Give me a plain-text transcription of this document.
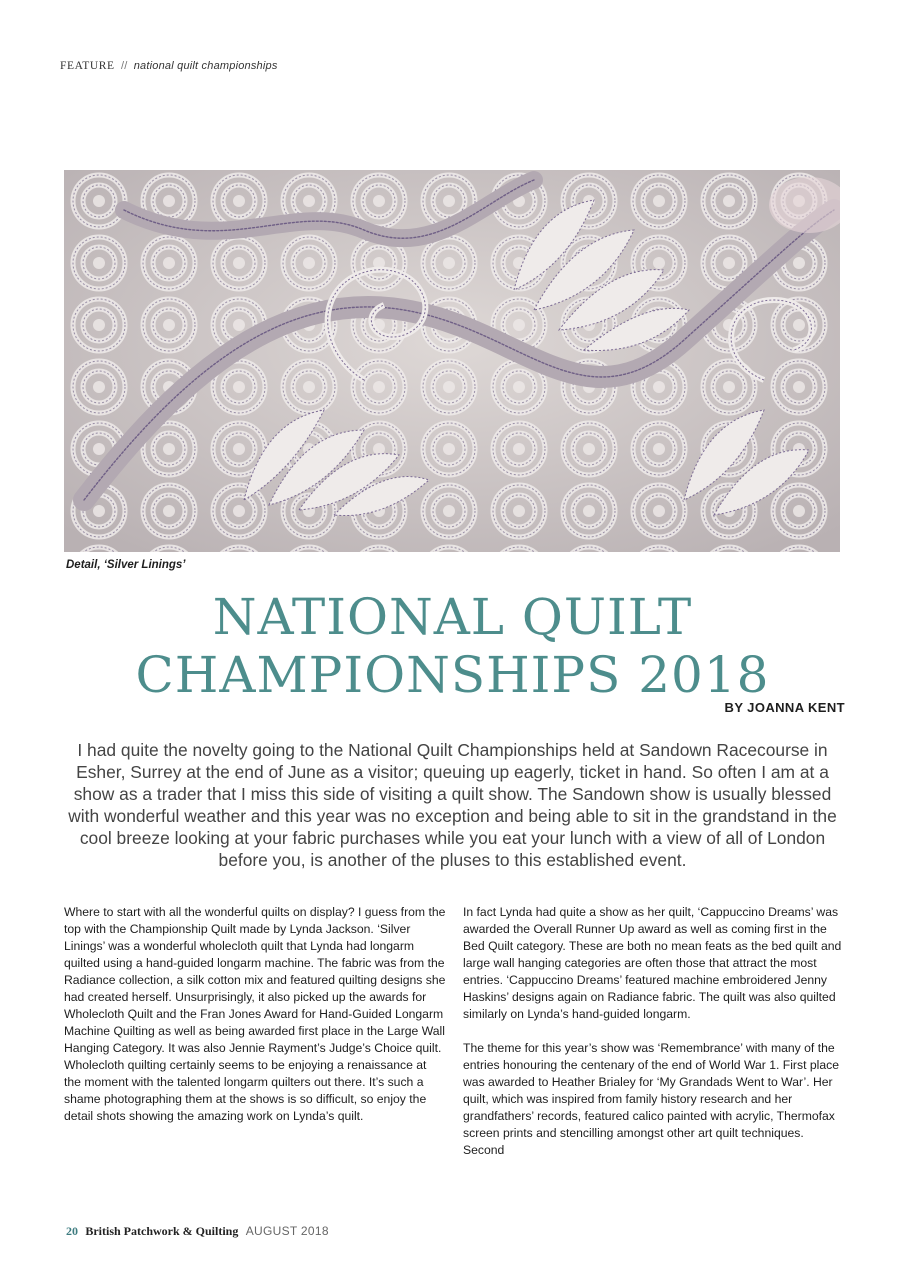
FEATURE // national quilt championships
Detail, ‘Silver Linings’
NATIONAL QUILT
CHAMPIONSHIPS 2018
BY JOANNA KENT

I had quite the novelty going to the National Quilt Championships held at Sandown Racecourse in Esher, Surrey at the end of June as a visitor; queuing up eagerly, ticket in hand. So often I am at a show as a trader that I miss this side of visiting a quilt show. The Sandown show is usually blessed with wonderful weather and this year was no exception and being able to sit in the grandstand in the cool breeze looking at your fabric purchases while you eat your lunch with a view of all of London before you, is another of the pluses to this established event.

Where to start with all the wonderful quilts on display? I guess from the top with the Championship Quilt made by Lynda Jackson. ‘Silver Linings’ was a wonderful wholecloth quilt that Lynda had longarm quilted using a hand-guided longarm machine. The fabric was from the Radiance collection, a silk cotton mix and featured quilting designs she had created herself. Unsurprisingly, it also picked up the awards for Wholecloth Quilt and the Fran Jones Award for Hand-Guided Longarm Machine Quilting as well as being awarded first place in the Large Wall Hanging Category. It was also Jennie Rayment’s Judge’s Choice quilt. Wholecloth quilting certainly seems to be enjoying a renaissance at the moment with the talented longarm quilters out there. It’s such a shame photographing them at the shows is so difficult, so enjoy the detail shots showing the amazing work on Lynda’s quilt.

In fact Lynda had quite a show as her quilt, ‘Cappuccino Dreams’ was awarded the Overall Runner Up award as well as coming first in the Bed Quilt category. These are both no mean feats as the bed quilt and large wall hanging categories are often those that attract the most entries. ‘Cappuccino Dreams’ featured machine embroidered Jenny Haskins’ designs again on Radiance fabric. The quilt was also quilted similarly on Lynda’s hand-guided longarm.

The theme for this year’s show was ‘Remembrance’ with many of the entries honouring the centenary of the end of World War 1. First place was awarded to Heather Brialey for ‘My Grandads Went to War’. Her quilt, which was inspired from family history research and her grandfathers’ records, featured calico painted with acrylic, Thermofax screen prints and stencilling amongst other art quilt techniques. Second

20 British Patchwork & Quilting AUGUST 2018
